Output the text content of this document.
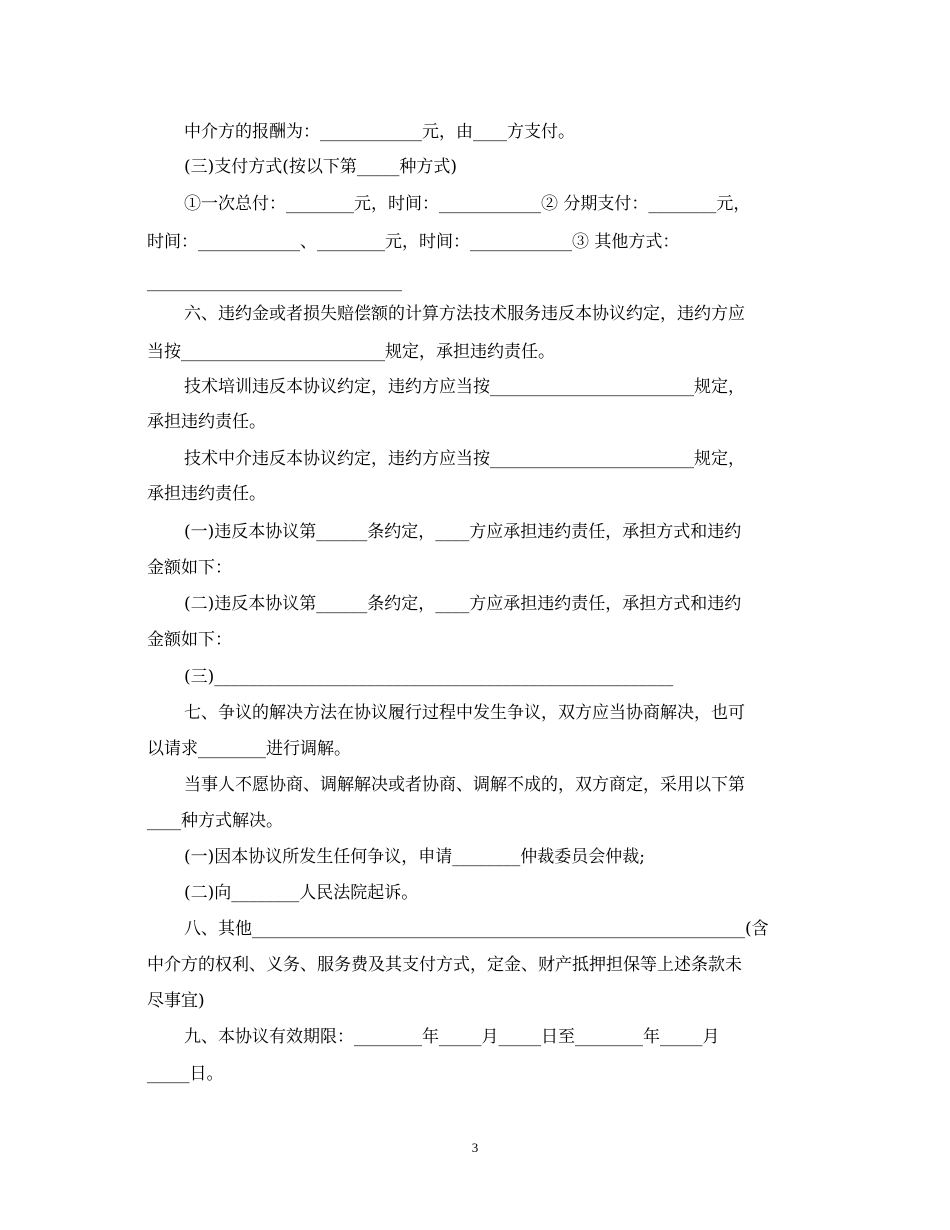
中介方的报酬为：____________元，由____方支付。
(三)支付方式(按以下第_____种方式)
①一次总付：________元，时间：____________② 分期支付：________元，
时间：____________、________元，时间：____________③ 其他方式：
______________________________
六、违约金或者损失赔偿额的计算方法技术服务违反本协议约定，违约方应
当按________________________规定，承担违约责任。
技术培训违反本协议约定，违约方应当按________________________规定，
承担违约责任。
技术中介违反本协议约定，违约方应当按________________________规定，
承担违约责任。
(一)违反本协议第______条约定，____方应承担违约责任，承担方式和违约
金额如下：
(二)违反本协议第______条约定，____方应承担违约责任，承担方式和违约
金额如下：
(三)______________________________________________________
七、争议的解决方法在协议履行过程中发生争议，双方应当协商解决，也可
以请求________进行调解。
当事人不愿协商、调解解决或者协商、调解不成的，双方商定，采用以下第
____种方式解决。
(一)因本协议所发生任何争议，申请________仲裁委员会仲裁;
(二)向________人民法院起诉。
八、其他__________________________________________________________(含
中介方的权利、义务、服务费及其支付方式，定金、财产抵押担保等上述条款未
尽事宜)
九、本协议有效期限：________年_____月_____日至________年_____月
_____日。
3
